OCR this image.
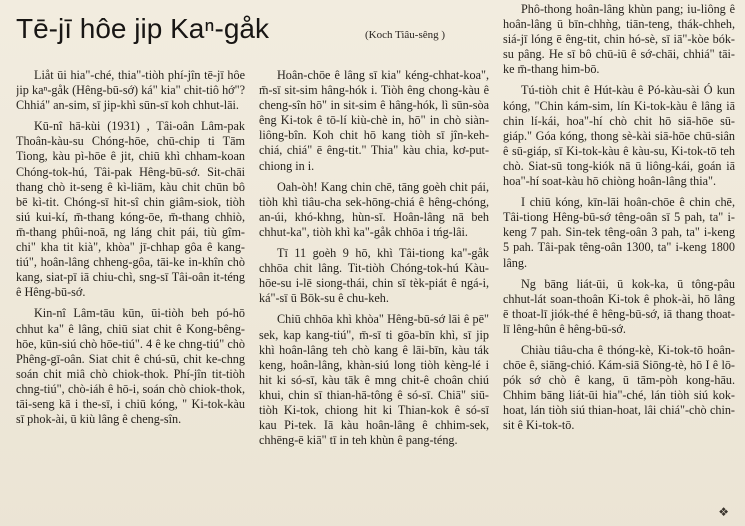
Tē-jī hôe jip Kaⁿ-gåk	(Koch Tiâu-sêng )

Liåt ūi hia"-ché, thia"-tiòh phí-jîn tē-jī hôe jip kaⁿ-gåk (Hêng-bū-sớ) ká" kia" chit-tiô hớ"? Chhiá" an-sim, sī jip-khì sūn-sī koh chhut-lāi.

Kū-nî hā-kùi (1931) , Tâi-oân Lâm-pak Thoân-kàu-su Chóng-hōe, chū-chip ti Tām Tiong, kàu pì-hōe ê jit, chiū khì chham-koan Chóng-tok-hú, Tâi-pak Hêng-bū-sớ. Sit-chāi thang chò it-seng ê kì-liām, kàu chit chūn bô bē kì-tit. Chóng-sī hit-sî chin giâm-siok, tiòh siú kui-kí, m̄-thang kóng-ōe, m̄-thang chhiò, m̄-thang phûi-noā, ng láng chit pái, tiù gîm-chi" kha tit kià", khòa" jī-chhap gôa ê kang-tiú", hoân-lâng chheng-gôa, tāi-ke in-khîn chò kang, siat-pī iā chiu-chì, sng-sī Tâi-oân it-téng ê Hêng-bū-sớ.

Kin-nî Lâm-tāu kūn, ūi-tiòh beh pó-hō chhut ka" ê lâng, chiū siat chit ê Kong-bêng-hōe, kūn-siú chò hōe-tiú". 4 ê ke chng-tiú" chò Phêng-gī-oân. Siat chit ê chú-sū, chit ke-chng soán chit miâ chò chiok-thok. Phí-jîn tit-tiòh chng-tiú", chò-iáh ê hō-i, soán chò chiok-thok, tāi-seng kā i the-sī, i chiū kóng, " Ki-tok-kàu sī phok-ài, ū kiù lâng ê cheng-sîn.

Hoân-chōe ê lâng sī kia" kéng-chhat-koa", m̄-sī sit-sim hâng-hók i. Tiòh êng chong-kàu ê cheng-sîn hō" in sit-sim ê hâng-hók, lì sūn-sòa êng Ki-tok ê tō-lí kiù-chè in, hō" in chò siàn-liông-bîn. Koh chit hō kang tiòh sī jîn-keh-chiá, chiá" ē êng-tit." Thia" kàu chia, kơ-put-chiong in i.

Oah-òh! Kang chin chē, tāng goèh chit pái, tiòh khì tiâu-cha sek-hōng-chiá ê hêng-chóng, an-úi, khó-khng, hùn-sī. Hoân-lâng nā beh chhut-ka", tiòh khì ka"-gåk chhōa i tńg-lâi.

Tī 11 goèh 9 hō, khì Tâi-tiong ka"-gåk chhōa chit lâng. Tit-tiòh Chóng-tok-hú Kàu-hōe-su i-lē siong-thái, chin sī tèk-piát ê ngá-i, ká"-sī ū Bōk-su ê chu-keh.

Chiū chhōa khì khòa" Hêng-bū-sớ lāi ê pē" sek, kap kang-tiú", m̄-sī ti gōa-bīn khì, sī jip khì hoân-lâng teh chò kang ê lāi-bīn, kàu ták keng, hoân-lâng, khàn-siú long tiòh kèng-lé i hit ki só-sī, kàu tāk ê mng chit-ê choân chiú khui, chin sī thian-hā-tông ê só-sī. Chiā" siū-tiòh Ki-tok, chiong hit ki Thian-kok ê só-sī kau Pi-tek. Iā kàu hoân-lâng ê chhim-sek, chhēng-ē kiā" tī in teh khùn ê pang-téng.

Phô-thong hoân-lâng khùn pang; iu-liông ê hoân-lâng ū bīn-chhǹg, tiān-teng, thák-chheh, siá-jī lóng ē êng-tit, chin hó-sè, sī iā"-kòe bók-su pâng. He sī bô chū-iū ê sớ-chāi, chhiá" tāi-ke m̄-thang him-bō.

Tú-tiòh chit ê Hút-kàu ê Pó-kàu-sài Ó kun kóng, "Chin kám-sim, lín Ki-tok-kàu ê lâng iā chin lí-kái, hoa"-hí chò chit hō siā-hōe sū-giáp." Góa kóng, thong sè-kài siā-hōe chū-siân ê sū-giáp, sī Ki-tok-kàu ê kàu-su, Ki-tok-tō teh chò. Siat-sū tong-kiók nā ū liông-kái, goán iā hoa"-hí soat-kàu hō chiòng hoân-lâng thia".

I chiū kóng, kīn-lāi hoân-chōe ê chin chē, Tâi-tiong Hêng-bū-sớ têng-oân sī 5 pah, ta" i-keng 7 pah. Sin-tek têng-oân 3 pah, ta" i-keng 5 pah. Tâi-pak têng-oân 1300, ta" i-keng 1800 lâng.

Ng bāng liát-ūi, ū kok-ka, ū tông-pâu chhut-lát soan-thoân Ki-tok ê phok-ài, hō lâng ē thoat-lī jiók-thé ê hêng-bū-sớ, iā thang thoat-lī lêng-hûn ê hêng-bū-sớ.

Chiàu tiâu-cha ê thóng-kè, Ki-tok-tō hoân-chōe ê, siāng-chió. Kám-siā Siōng-tè, hō I ê lō-pók sớ chò ê kang, ū tām-pòh kong-hāu. Chhim bāng liát-ūi hia"-ché, lán tiòh siú kok-hoat, lán tiòh siú thian-hoat, lâi chiá"-chò chin-sit ê Ki-tok-tō.

❖
